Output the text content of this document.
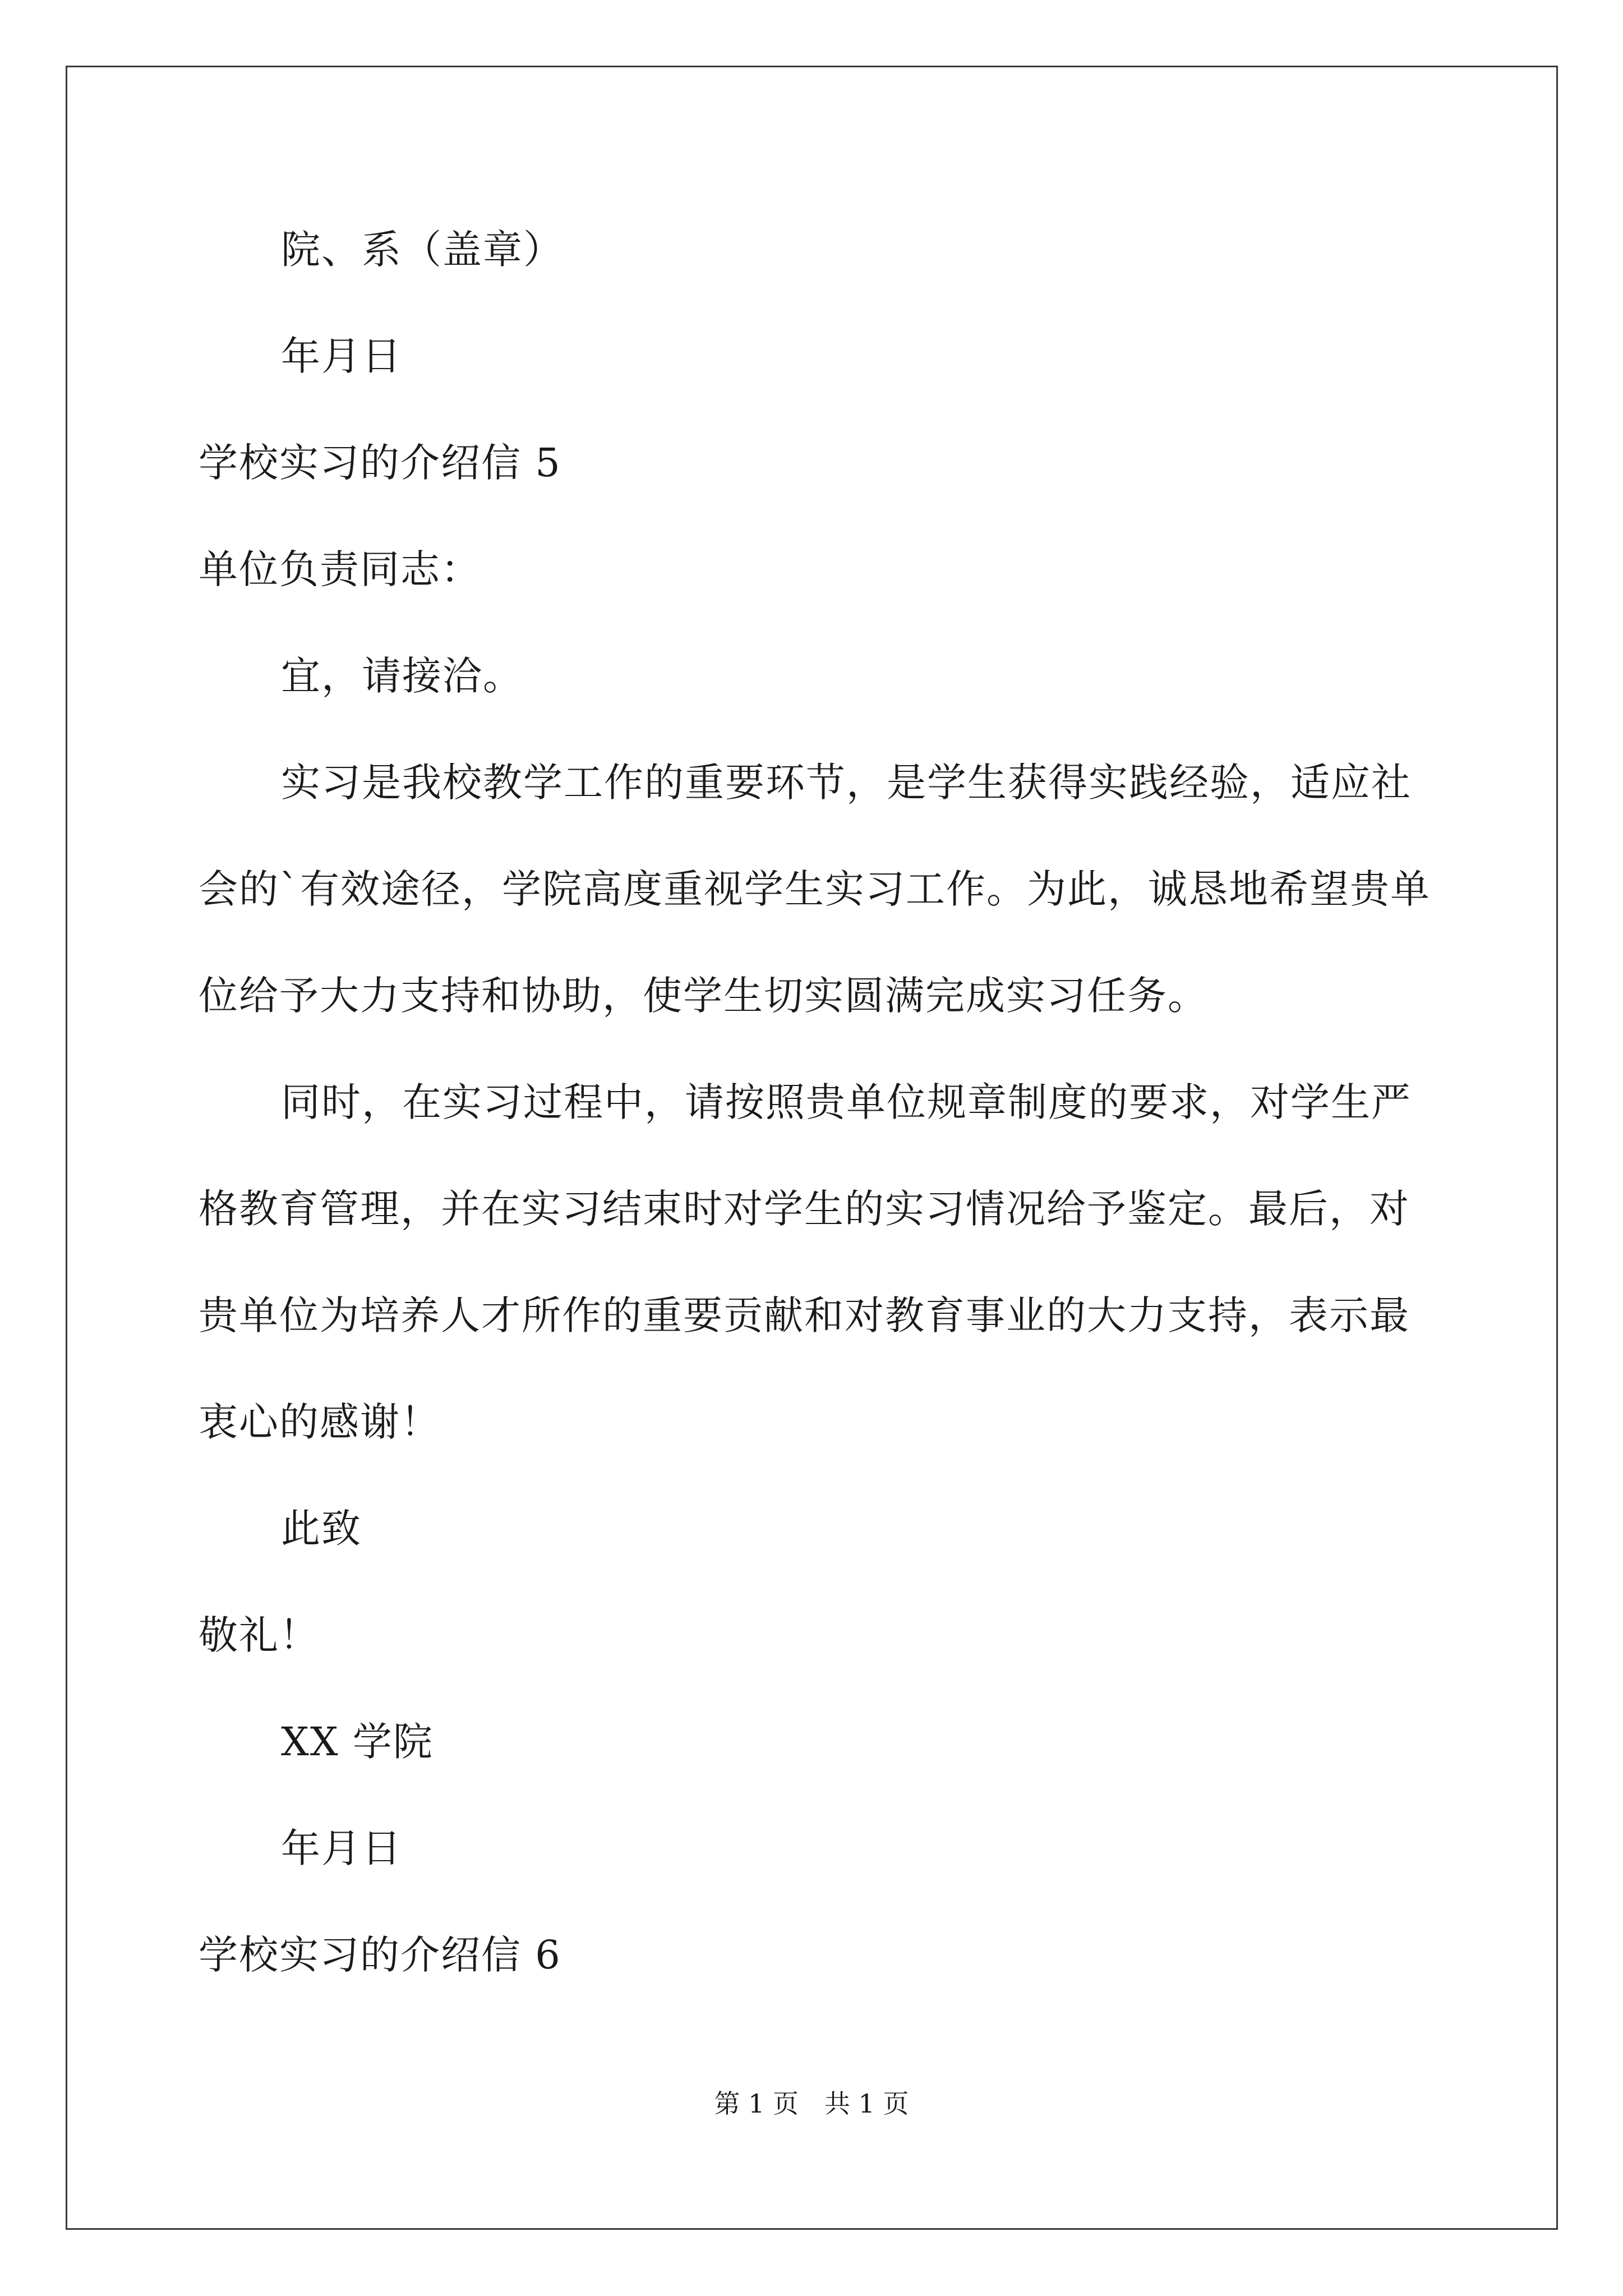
院、系（盖章）
年月日
学校实习的介绍信 5
单位负责同志：
宜，请接洽。
实习是我校教学工作的重要环节，是学生获得实践经验，适应社
会的`有效途径，学院高度重视学生实习工作。为此，诚恳地希望贵单
位给予大力支持和协助，使学生切实圆满完成实习任务。
同时，在实习过程中，请按照贵单位规章制度的要求，对学生严
格教育管理，并在实习结束时对学生的实习情况给予鉴定。最后，对
贵单位为培养人才所作的重要贡献和对教育事业的大力支持，表示最
衷心的感谢！
此致
敬礼！
XX 学院
年月日
学校实习的介绍信 6
第 1 页　共 1 页
